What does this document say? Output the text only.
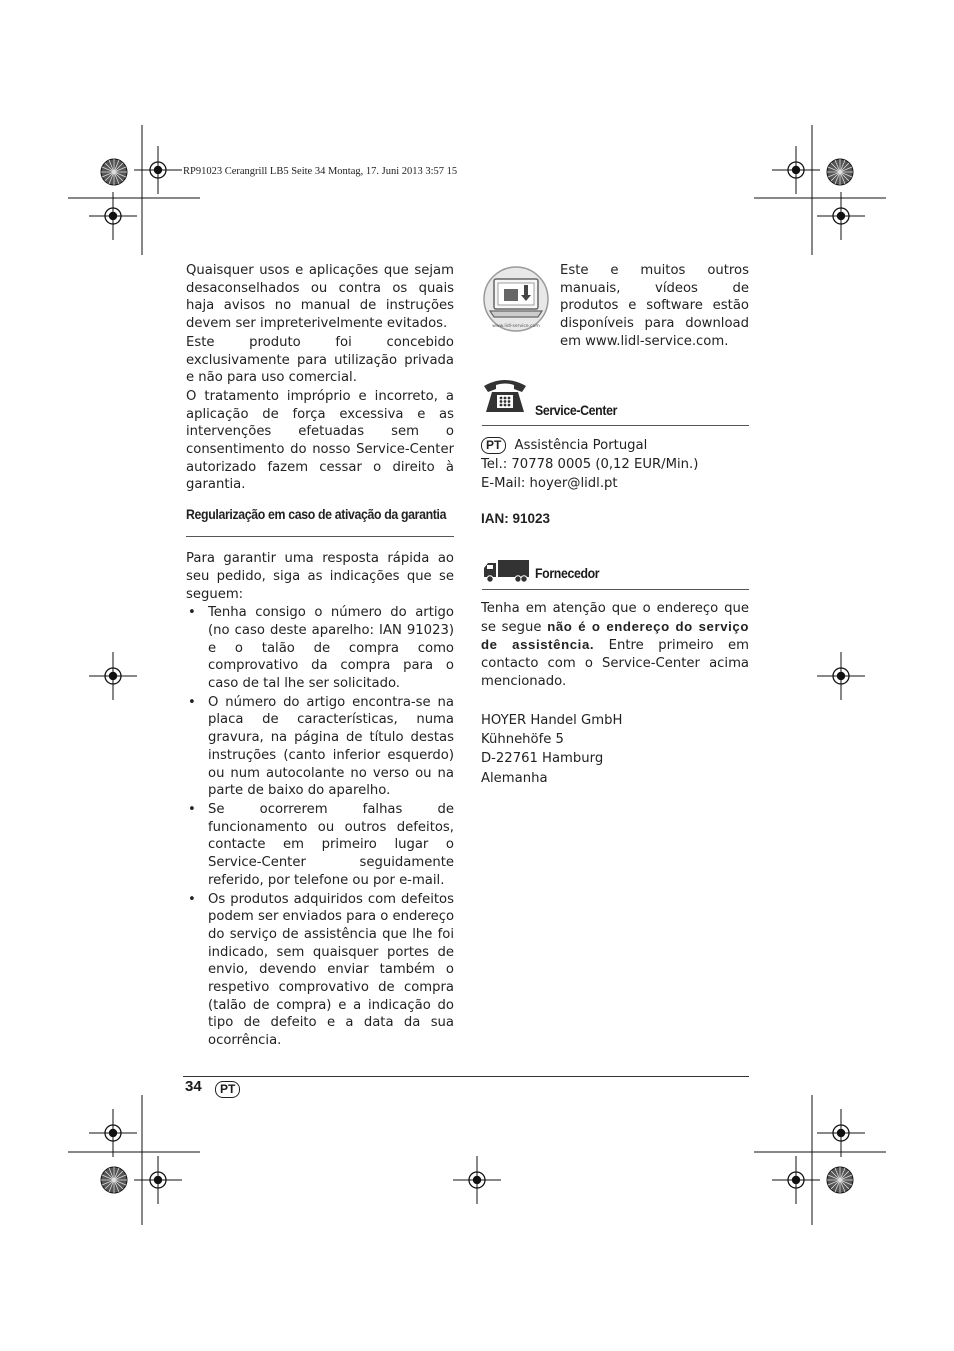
RP91023 Cerangrill LB5 Seite 34 Montag, 17. Juni 2013 3:57 15

Quaisquer usos e aplicações que sejam desaconselhados ou contra os quais haja avisos no manual de instruções devem ser impreterivelmente evitados.

Este produto foi concebido exclusivamente para utilização privada e não para uso comercial.

O tratamento impróprio e incorreto, a aplicação de força excessiva e as intervenções efetuadas sem o consentimento do nosso Service-Center autorizado fazem cessar o direito à garantia.

Regularização em caso de ativação da garantia

Para garantir uma resposta rápida ao seu pedido, siga as indicações que se seguem:

• Tenha consigo o número do artigo (no caso deste aparelho: IAN 91023) e o talão de compra como comprovativo da compra para o caso de tal lhe ser solicitado.
• O número do artigo encontra-se na placa de características, numa gravura, na página de título destas instruções (canto inferior esquerdo) ou num autocolante no verso ou na parte de baixo do aparelho.
• Se ocorrerem falhas de funcionamento ou outros defeitos, contacte em primeiro lugar o Service-Center seguidamente referido, por telefone ou por e-mail.
• Os produtos adquiridos com defeitos podem ser enviados para o endereço do serviço de assistência que lhe foi indicado, sem quaisquer portes de envio, devendo enviar também o respetivo comprovativo de compra (talão de compra) e a indicação do tipo de defeito e a data da sua ocorrência.
www.lidl-service.com

Este e muitos outros manuais, vídeos de produtos e software estão disponíveis para download em www.lidl-service.com.

Service-Center
PT Assistência Portugal
Tel.: 70778 0005 (0,12 EUR/Min.)
E-Mail: hoyer@lidl.pt
IAN: 91023
Fornecedor

Tenha em atenção que o endereço que se segue não é o endereço do serviço de assistência. Entre primeiro em contacto com o Service-Center acima mencionado.

HOYER Handel GmbH
Kühnehöfe 5
D-22761 Hamburg
Alemanha
34	PT
